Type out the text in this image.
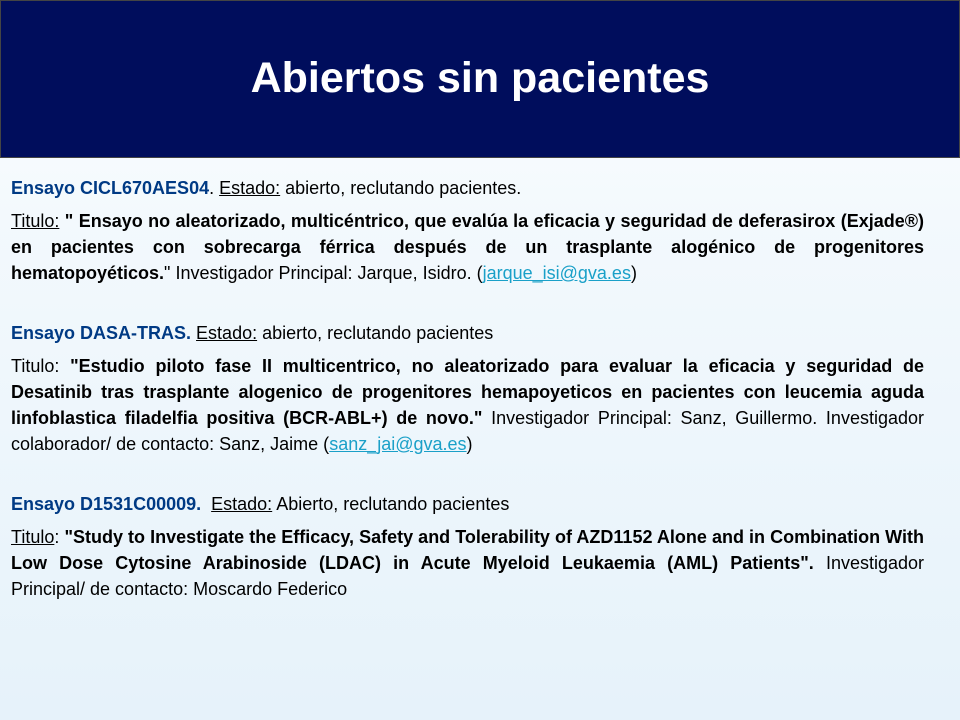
Abiertos sin pacientes

Ensayo CICL670AES04. Estado: abierto, reclutando pacientes.

Titulo: " Ensayo no aleatorizado, multicéntrico, que evalúa la eficacia y seguridad de deferasirox (Exjade®) en pacientes con sobrecarga férrica después de un trasplante alogénico de progenitores hematopoyéticos." Investigador Principal: Jarque, Isidro. (jarque_isi@gva.es)

Ensayo DASA-TRAS. Estado: abierto, reclutando pacientes

Titulo: "Estudio piloto fase II multicentrico, no aleatorizado para evaluar la eficacia y seguridad de Desatinib tras trasplante alogenico de progenitores hemapoyeticos en pacientes con leucemia aguda linfoblastica filadelfia positiva (BCR-ABL+) de novo." Investigador Principal: Sanz, Guillermo. Investigador colaborador/ de contacto: Sanz, Jaime (sanz_jai@gva.es)

Ensayo D1531C00009. Estado: Abierto, reclutando pacientes

Titulo: "Study to Investigate the Efficacy, Safety and Tolerability of AZD1152 Alone and in Combination With Low Dose Cytosine Arabinoside (LDAC) in Acute Myeloid Leukaemia (AML) Patients". Investigador Principal/ de contacto: Moscardo Federico
